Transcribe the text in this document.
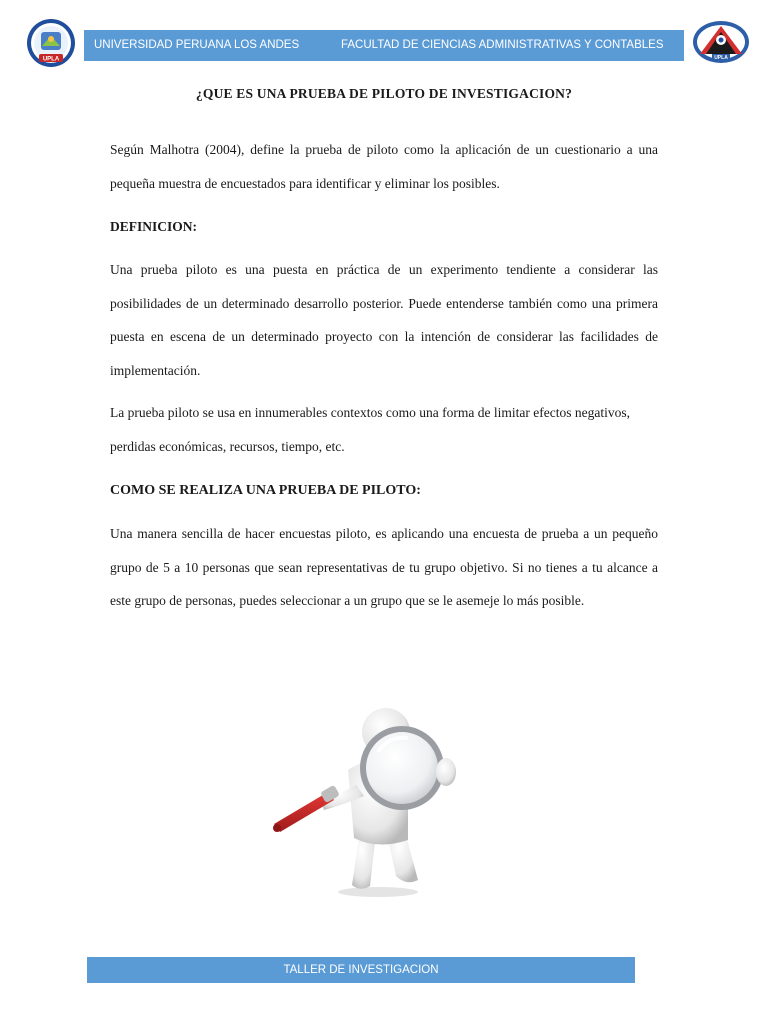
UPLA	UPLA
UNIVERSIDAD PERUANA LOS ANDES	FACULTAD DE CIENCIAS ADMINISTRATIVAS Y CONTABLES
¿QUE ES UNA PRUEBA DE PILOTO DE INVESTIGACION?

Según Malhotra (2004), define la prueba de piloto como la aplicación de un cuestionario a una pequeña muestra de encuestados para identificar y eliminar los posibles.

DEFINICION:

Una prueba piloto es una puesta en práctica de un experimento tendiente a considerar las posibilidades de un determinado desarrollo posterior. Puede entenderse también como una primera puesta en escena de un determinado proyecto con la intención de considerar las facilidades de implementación.

La prueba piloto se usa en innumerables contextos como una forma de limitar efectos negativos, perdidas económicas, recursos, tiempo, etc.

COMO SE REALIZA UNA PRUEBA DE PILOTO:

Una manera sencilla de hacer encuestas piloto, es aplicando una encuesta de prueba a un pequeño grupo de 5 a 10 personas que sean representativas de tu grupo objetivo. Si no tienes a tu alcance a este grupo de personas, puedes seleccionar a un grupo que se le asemeje lo más posible.

TALLER DE INVESTIGACION
